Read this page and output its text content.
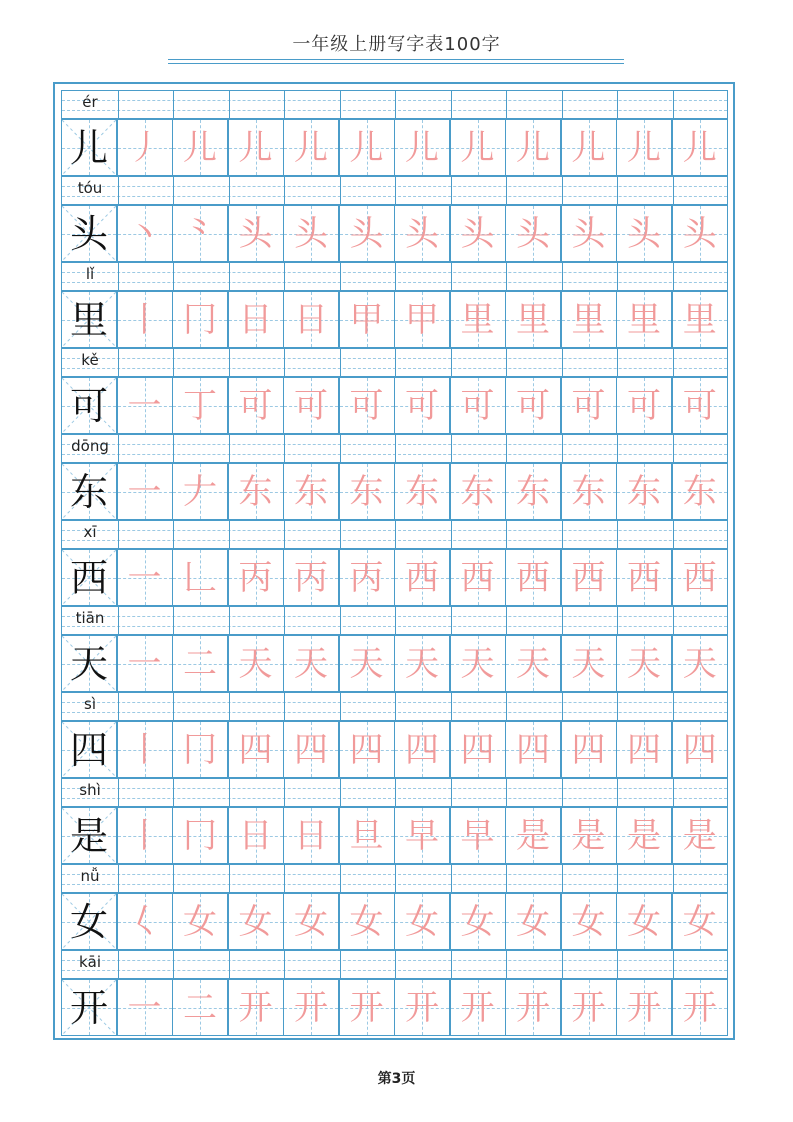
一年级上册写字表100字
ér
儿 丿 儿 儿 儿 儿 儿 儿 儿 儿 儿 儿
tóu
头 丶 ⺀ 头 头 头 头 头 头 头 头 头
lǐ
里 丨 冂 日 日 甲 甲 里 里 里 里 里
kě
可 一 丁 可 可 可 可 可 可 可 可 可
dōng
东 一 𠂇 东 东 东 东 东 东 东 东 东
xī
西 一 𠃊 丙 丙 丙 西 西 西 西 西 西
tiān
天 一 二 天 天 天 天 天 天 天 天 天
sì
四 丨 冂 四 四 四 四 四 四 四 四 四
shì
是 丨 冂 日 日 旦 早 早 是 是 是 是
nǚ
女 𡿨 女 女 女 女 女 女 女 女 女 女
kāi
开 一 二 开 开 开 开 开 开 开 开 开
第3页
